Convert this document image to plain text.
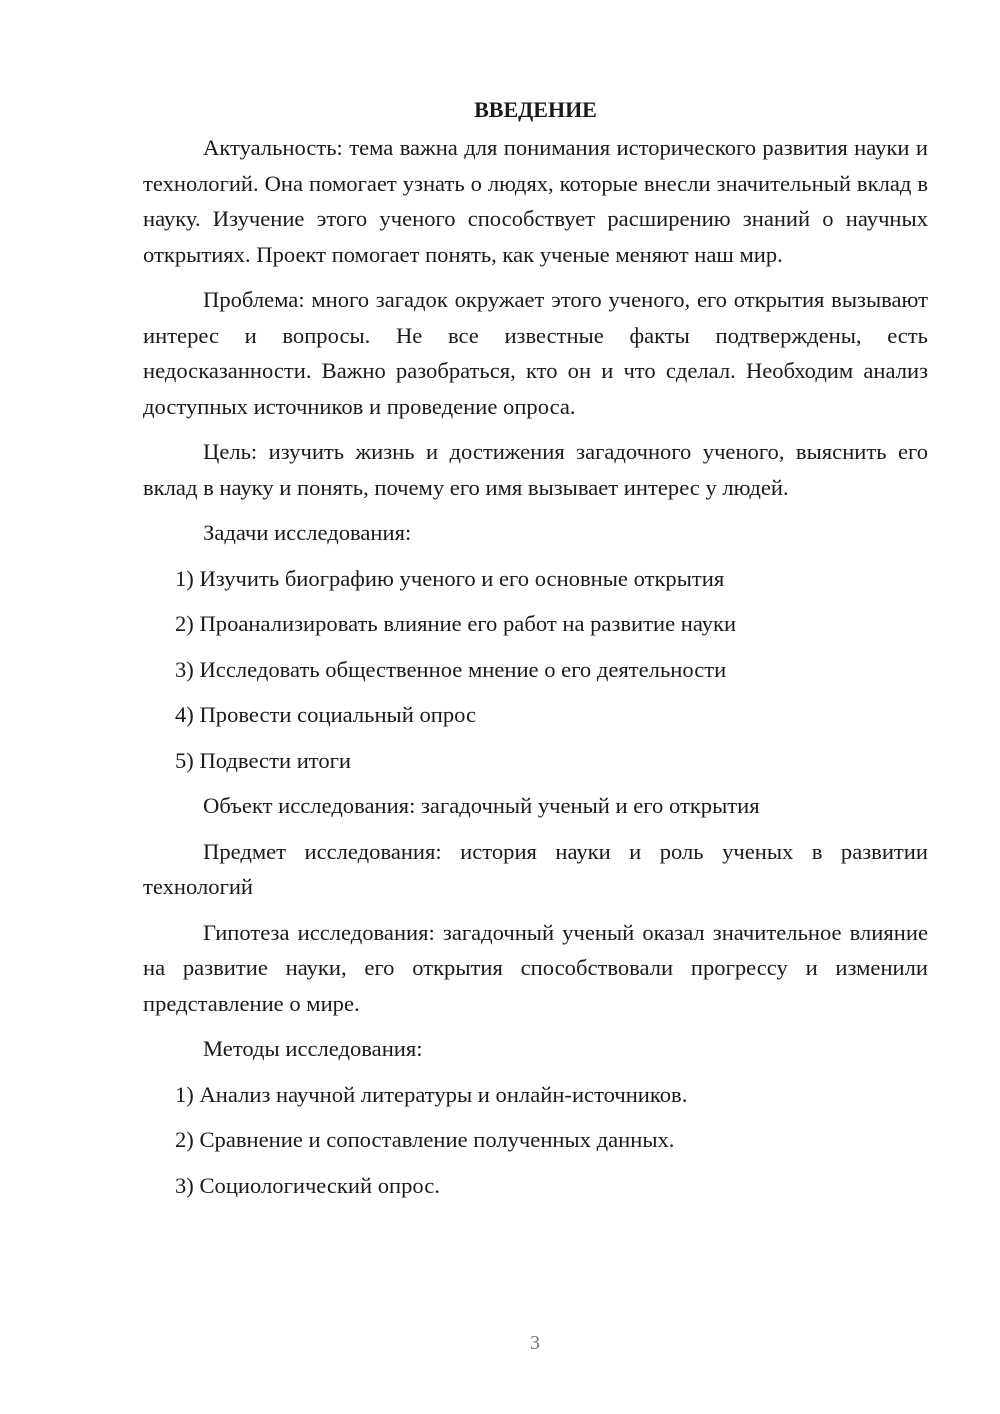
ВВЕДЕНИЕ

Актуальность: тема важна для понимания исторического развития науки и технологий. Она помогает узнать о людях, которые внесли значительный вклад в науку. Изучение этого ученого способствует расширению знаний о научных открытиях. Проект помогает понять, как ученые меняют наш мир.

Проблема: много загадок окружает этого ученого, его открытия вызывают интерес и вопросы. Не все известные факты подтверждены, есть недосказанности. Важно разобраться, кто он и что сделал. Необходим анализ доступных источников и проведение опроса.

Цель: изучить жизнь и достижения загадочного ученого, выяснить его вклад в науку и понять, почему его имя вызывает интерес у людей.

Задачи исследования:

1) Изучить биографию ученого и его основные открытия
2) Проанализировать влияние его работ на развитие науки
3) Исследовать общественное мнение о его деятельности
4) Провести социальный опрос
5) Подвести итоги

Объект исследования: загадочный ученый и его открытия

Предмет исследования: история науки и роль ученых в развитии технологий

Гипотеза исследования: загадочный ученый оказал значительное влияние на развитие науки, его открытия способствовали прогрессу и изменили представление о мире.

Методы исследования:

1) Анализ научной литературы и онлайн-источников.
2) Сравнение и сопоставление полученных данных.
3) Социологический опрос.
3
